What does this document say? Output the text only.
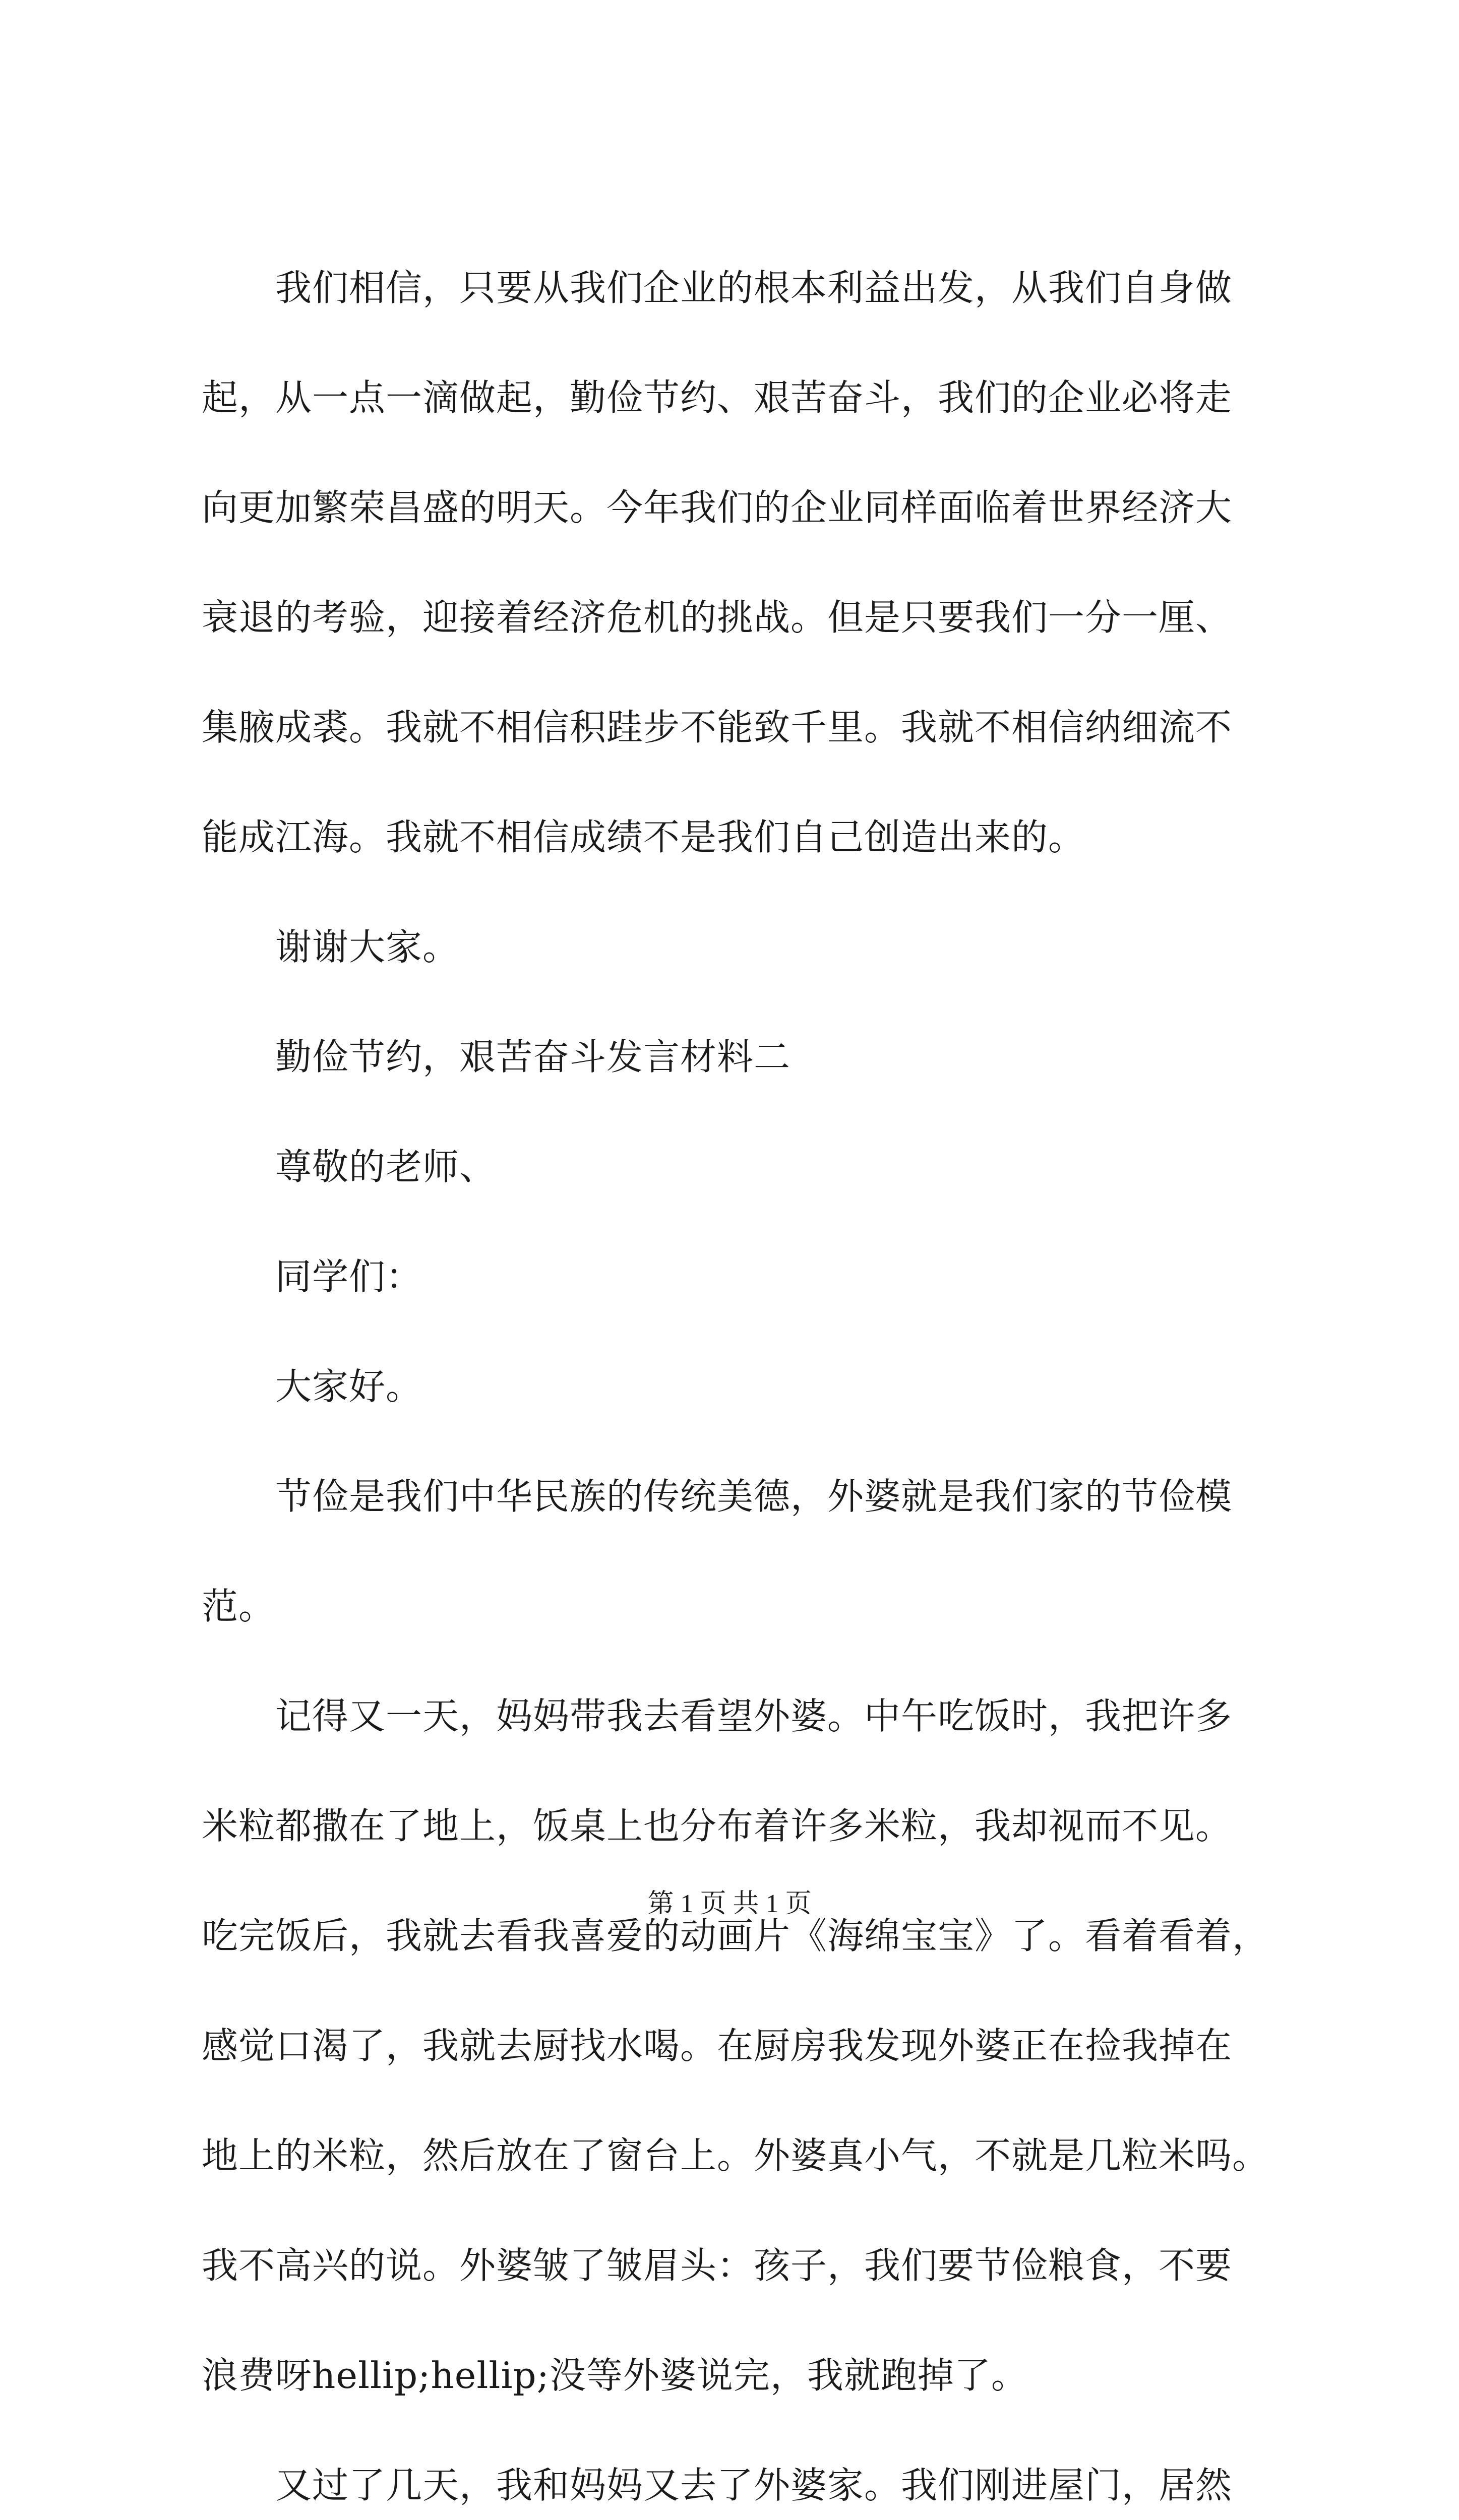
我们相信，只要从我们企业的根本利益出发，从我们自身做
起，从一点一滴做起，勤俭节约、艰苦奋斗，我们的企业必将走
向更加繁荣昌盛的明天。今年我们的企业同样面临着世界经济大
衰退的考验，迎接着经济危机的挑战。但是只要我们一分一厘、
集腋成裘。我就不相信积跬步不能致千里。我就不相信纳细流不
能成江海。我就不相信成绩不是我们自己创造出来的。
谢谢大家。
勤俭节约，艰苦奋斗发言材料二
尊敬的老师、
同学们：
大家好。
节俭是我们中华民族的传统美德，外婆就是我们家的节俭模
范。
记得又一天，妈妈带我去看望外婆。中午吃饭时，我把许多
米粒都撒在了地上，饭桌上也分布着许多米粒，我却视而不见。
吃完饭后，我就去看我喜爱的动画片《海绵宝宝》了。看着看着，
感觉口渴了，我就去厨找水喝。在厨房我发现外婆正在捡我掉在
地上的米粒，然后放在了窗台上。外婆真小气，不就是几粒米吗。
我不高兴的说。外婆皱了皱眉头：孩子，我们要节俭粮食，不要
浪费呀hellip;hellip;没等外婆说完，我就跑掉了。
又过了几天，我和妈妈又去了外婆家。我们刚进屋门，居然
第 1 页 共 1 页
